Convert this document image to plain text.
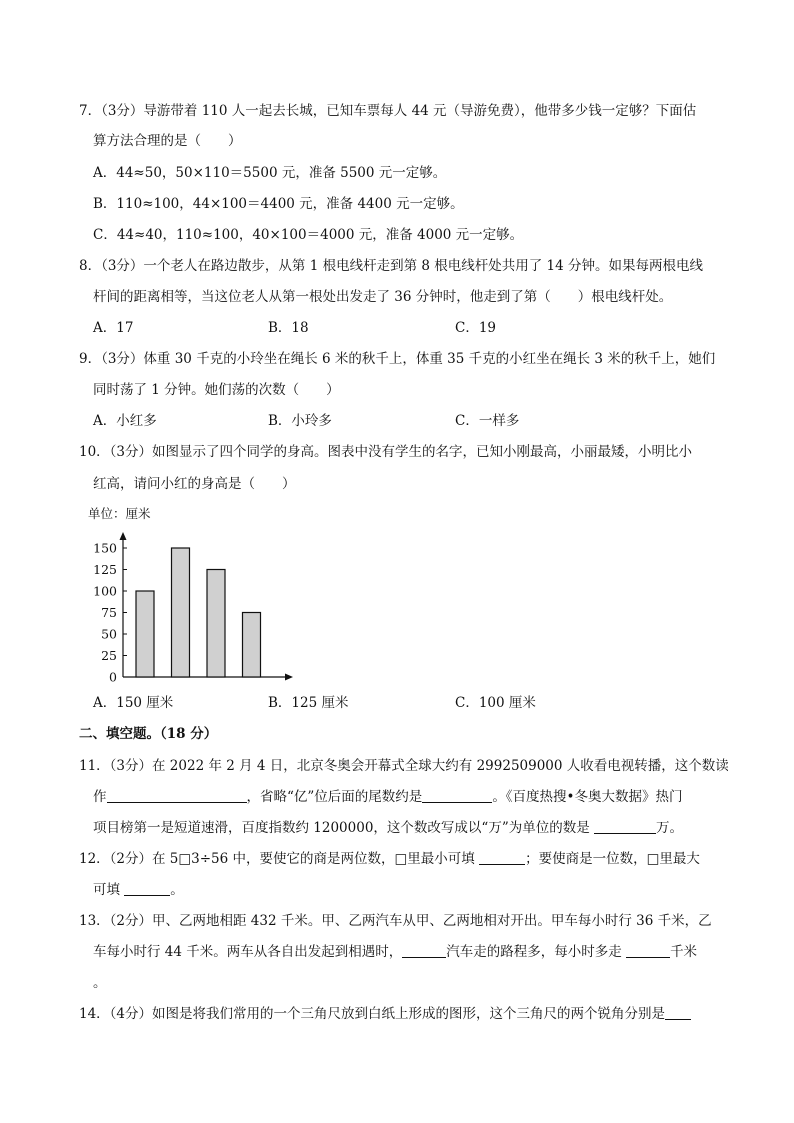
7．（3分）导游带着 110 人一起去长城，已知车票每人 44 元（导游免费），他带多少钱一定够？下面估
算方法合理的是（　　）
A．44≈50，50×110＝5500 元，准备 5500 元一定够。
B．110≈100，44×100＝4400 元，准备 4400 元一定够。
C．44≈40，110≈100，40×100＝4000 元，准备 4000 元一定够。
8．（3分）一个老人在路边散步，从第 1 根电线杆走到第 8 根电线杆处共用了 14 分钟。如果每两根电线
杆间的距离相等，当这位老人从第一根处出发走了 36 分钟时，他走到了第（　　）根电线杆处。
A．17	B．18	C．19
9．（3分）体重 30 千克的小玲坐在绳长 6 米的秋千上，体重 35 千克的小红坐在绳长 3 米的秋千上，她们
同时荡了 1 分钟。她们荡的次数（　　）
A．小红多	B．小玲多	C．一样多
10．（3分）如图显示了四个同学的身高。图表中没有学生的名字，已知小刚最高，小丽最矮，小明比小
红高，请问小红的身高是（　　）
单位：厘米
0
25
50
75
100
125
150
A．150 厘米	B．125 厘米	C．100 厘米
二、填空题。（18 分）
11．（3分）在 2022 年 2 月 4 日，北京冬奥会开幕式全球大约有 2992509000 人收看电视转播，这个数读
作	，省略“亿”位后面的尾数约是	。《百度热搜•冬奥大数据》热门
项目榜第一是短道速滑，百度指数约 1200000，这个数改写成以“万”为单位的数是	万。
12．（2分）在 5□3÷56 中，要使它的商是两位数，□里最小可填	；要使商是一位数，□里最大
可填	。
13．（2分）甲、乙两地相距 432 千米。甲、乙两汽车从甲、乙两地相对开出。甲车每小时行 36 千米，乙
车每小时行 44 千米。两车从各自出发起到相遇时，	汽车走的路程多，每小时多走	千米
。
14．（4分）如图是将我们常用的一个三角尺放到白纸上形成的图形，这个三角尺的两个锐角分别是
